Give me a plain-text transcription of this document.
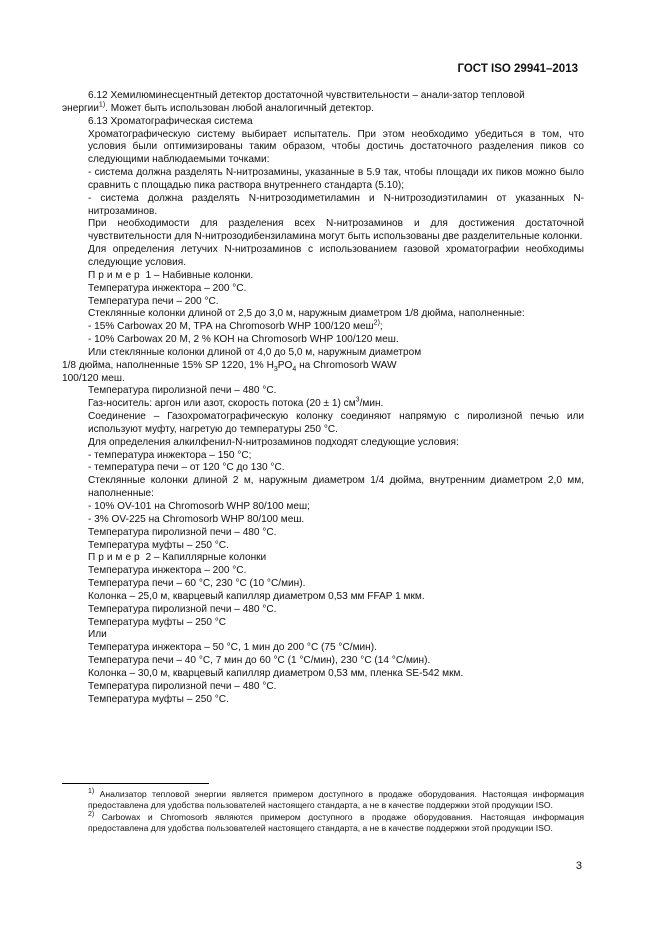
ГОСТ ISO 29941–2013

6.12 Хемилюминесцентный детектор достаточной чувствительности – анали-затор тепловой

энергии$^{1)}$. Может быть использован любой аналогичный детектор.

6.13 Хроматографическая система

Хроматографическую систему выбирает испытатель. При этом необходимо убедиться в том, что условия были оптимизированы таким образом, чтобы достичь достаточного разделения пиков со следующими наблюдаемыми точками:

- система должна разделять N-нитрозамины, указанные в 5.9 так, чтобы площади их пиков можно было сравнить с площадью пика раствора внутреннего стандарта (5.10);

- система должна разделять N-нитрозодиметиламин и N-нитрозодиэтиламин от указанных N-нитрозаминов.

При необходимости для разделения всех N-нитрозаминов и для достижения достаточной чувствительности для N-нитрозодибензиламина могут быть использованы две разделительные колонки.

Для определения летучих N-нитрозаминов с использованием газовой хроматографии необходимы следующие условия.

Пример 1 – Набивные колонки.

Температура инжектора – 200 °С.

Температура печи – 200 °С.

Стеклянные колонки длиной от 2,5 до 3,0 м, наружным диаметром 1/8 дюйма, наполненные:

- 15% Carbowax 20 М, ТРА на Chromosorb WHP 100/120 меш$^{2)}$;

- 10% Carbowax 20 М, 2 % КОН на Chromosorb WHP 100/120 меш.

Или стеклянные колонки длиной от 4,0 до 5,0 м, наружным диаметром

1/8 дюйма, наполненные 15% SP 1220, 1% $H_3PO_4$ на Chromosorb WAW

100/120 меш.

Температура пиролизной печи – 480 °С.

Газ-носитель: аргон или азот, скорость потока (20 ± 1) $см^3$/мин.

Соединение – Газохроматографическую колонку соединяют напрямую с пиролизной печью или используют муфту, нагретую до температуры 250 °С.

Для определения алкилфенил-N-нитрозаминов подходят следующие условия:

- температура инжектора – 150 °С;

- температура печи – от 120 °С до 130 °С.

Стеклянные колонки длиной 2 м, наружным диаметром 1/4 дюйма, внутренним диаметром 2,0 мм, наполненные:

- 10% OV-101 на Chromosorb WHP 80/100 меш;

- 3% OV-225 на Chromosorb WHP 80/100 меш.

Температура пиролизной печи – 480 °С.

Температура муфты – 250 °С.

Пример 2 – Капиллярные колонки

Температура инжектора – 200 °С.

Температура печи – 60 °С, 230 °С (10 °С/мин).

Колонка – 25,0 м, кварцевый капилляр диаметром 0,53 мм FFAP 1 мкм.

Температура пиролизной печи – 480 °С.

Температура муфты – 250 °С

Или

Температура инжектора – 50 °С, 1 мин до 200 °С (75 °С/мин).

Температура печи – 40 °С, 7 мин до 60 °С (1 °С/мин), 230 °С (14 °С/мин).

Колонка – 30,0 м, кварцевый капилляр диаметром 0,53 мм, пленка SE-542 мкм.

Температура пиролизной печи – 480 °С.

Температура муфты – 250 °С.

$^{1)}$ Анализатор тепловой энергии является примером доступного в продаже оборудования. Настоящая информация предоставлена для удобства пользователей настоящего стандарта, а не в качестве поддержки этой продукции ISO.

$^{2)}$ Carbowax и Chromosorb являются примером доступного в продаже оборудования. Настоящая информация предоставлена для удобства пользователей настоящего стандарта, а не в качестве поддержки этой продукции ISO.

3
